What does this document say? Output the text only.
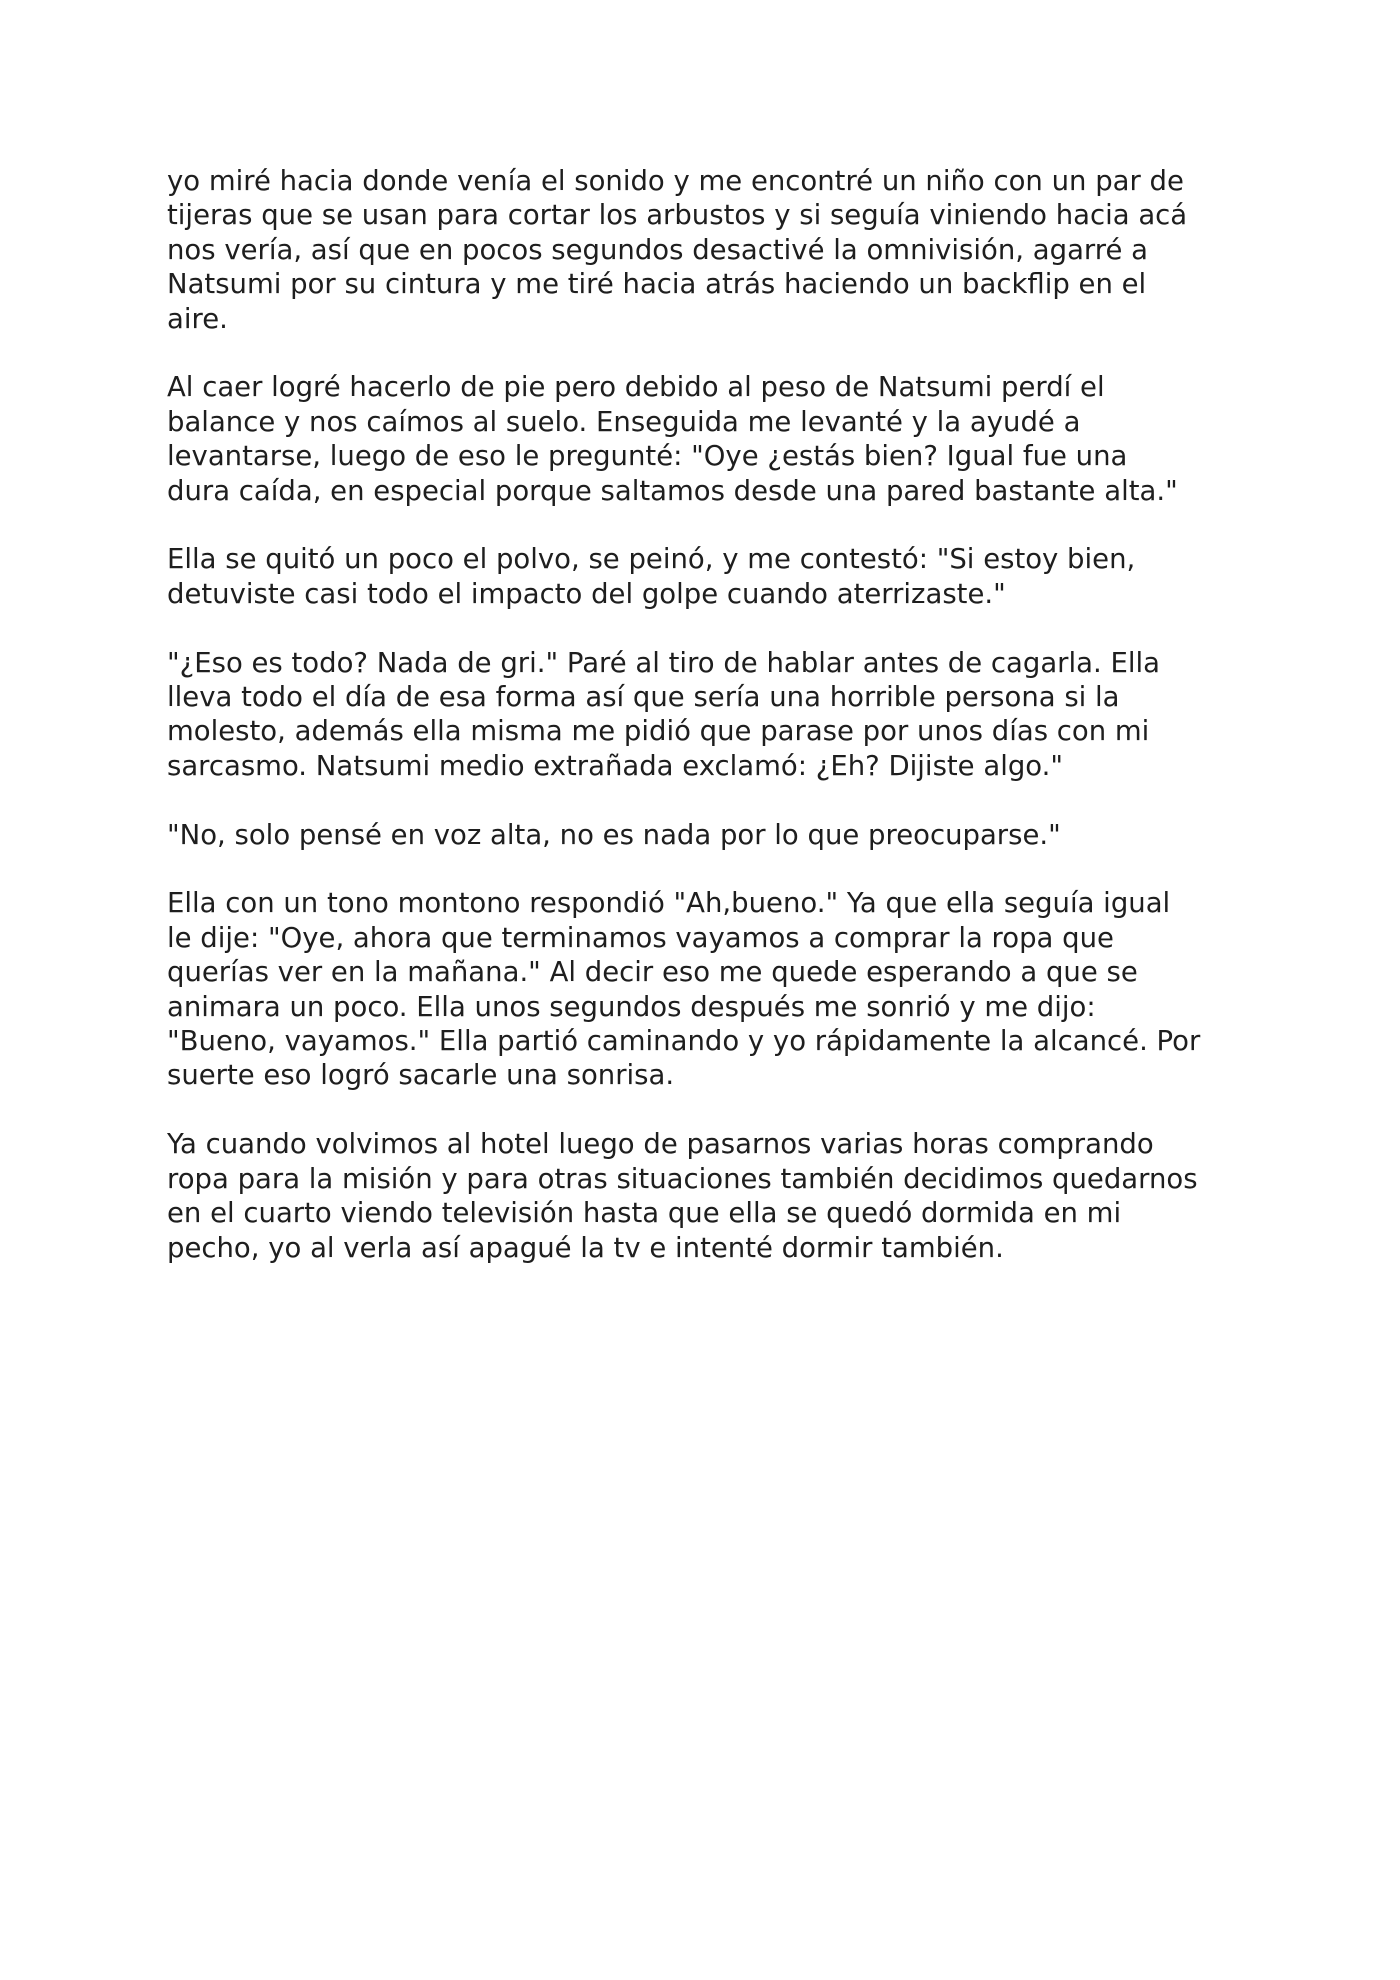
yo miré hacia donde venía el sonido y me encontré un niño con un par de
tijeras que se usan para cortar los arbustos y si seguía viniendo hacia acá
nos vería, así que en pocos segundos desactivé la omnivisión, agarré a
Natsumi por su cintura y me tiré hacia atrás haciendo un backflip en el
aire.

Al caer logré hacerlo de pie pero debido al peso de Natsumi perdí el
balance y nos caímos al suelo. Enseguida me levanté y la ayudé a
levantarse, luego de eso le pregunté: "Oye ¿estás bien? Igual fue una
dura caída, en especial porque saltamos desde una pared bastante alta."

Ella se quitó un poco el polvo, se peinó, y me contestó: "Si estoy bien,
detuviste casi todo el impacto del golpe cuando aterrizaste."

"¿Eso es todo? Nada de gri." Paré al tiro de hablar antes de cagarla. Ella
lleva todo el día de esa forma así que sería una horrible persona si la
molesto, además ella misma me pidió que parase por unos días con mi
sarcasmo. Natsumi medio extrañada exclamó: ¿Eh? Dijiste algo."

"No, solo pensé en voz alta, no es nada por lo que preocuparse."

Ella con un tono montono respondió "Ah,bueno." Ya que ella seguía igual
le dije: "Oye, ahora que terminamos vayamos a comprar la ropa que
querías ver en la mañana." Al decir eso me quede esperando a que se
animara un poco. Ella unos segundos después me sonrió y me dijo:
"Bueno, vayamos." Ella partió caminando y yo rápidamente la alcancé. Por
suerte eso logró sacarle una sonrisa.

Ya cuando volvimos al hotel luego de pasarnos varias horas comprando
ropa para la misión y para otras situaciones también decidimos quedarnos
en el cuarto viendo televisión hasta que ella se quedó dormida en mi
pecho, yo al verla así apagué la tv e intenté dormir también.
